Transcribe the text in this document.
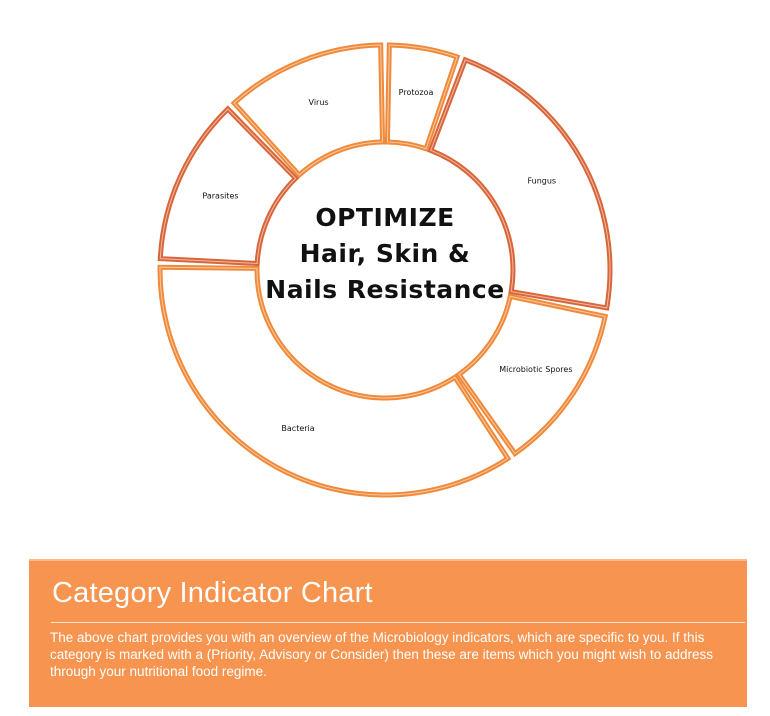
Protozoa
Fungus
Microbiotic Spores
Bacteria
Parasites
Virus
OPTIMIZE
Hair, Skin &
Nails Resistance
Category Indicator Chart
The above chart provides you with an overview of the Microbiology indicators, which are specific to you. If this category is marked with a (Priority, Advisory or Consider) then these are items which you might wish to address through your nutritional food regime.
